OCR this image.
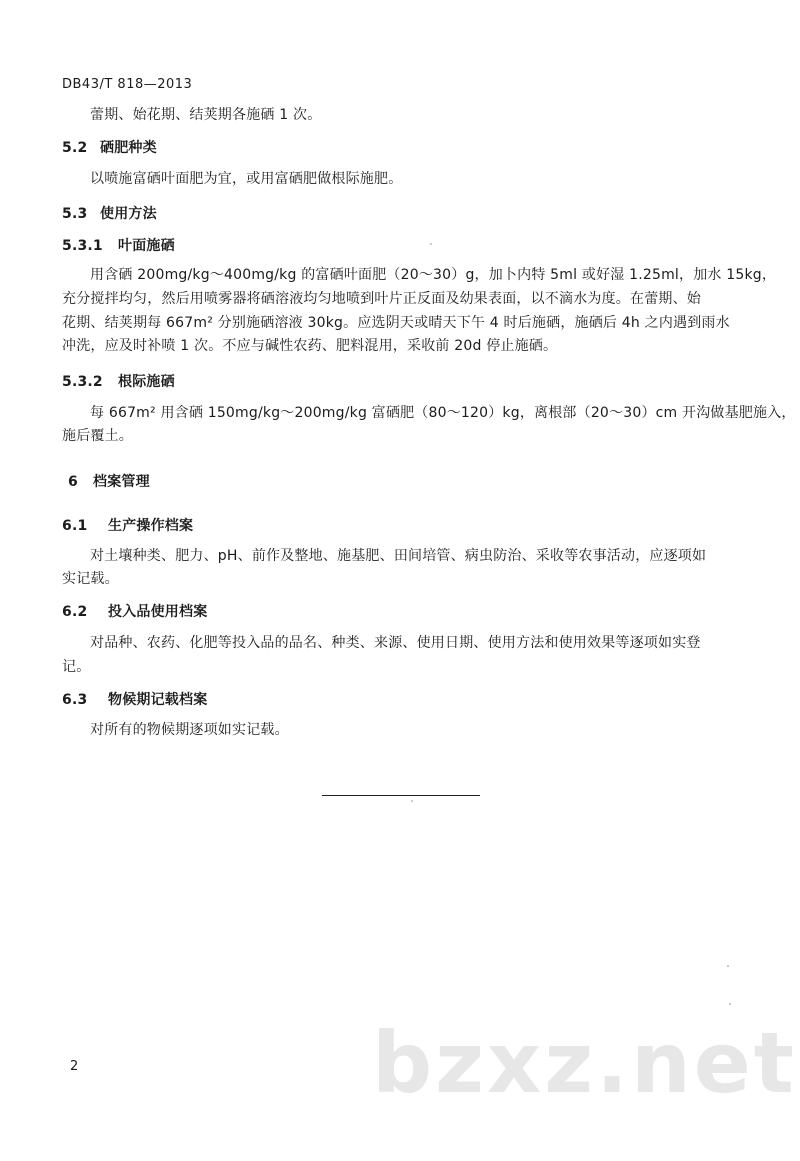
DB43/T 818—2013
蕾期、始花期、结荚期各施硒 1 次。
5.2 硒肥种类
以喷施富硒叶面肥为宜，或用富硒肥做根际施肥。
5.3 使用方法
5.3.1 叶面施硒
用含硒 200mg/kg～400mg/kg 的富硒叶面肥（20～30）g，加卜内特 5ml 或好湿 1.25ml，加水 15kg，
充分搅拌均匀，然后用喷雾器将硒溶液均匀地喷到叶片正反面及幼果表面，以不滴水为度。在蕾期、始
花期、结荚期每 667m² 分别施硒溶液 30kg。应选阴天或晴天下午 4 时后施硒，施硒后 4h 之内遇到雨水
冲洗，应及时补喷 1 次。不应与碱性农药、肥料混用，采收前 20d 停止施硒。
5.3.2 根际施硒
每 667m² 用含硒 150mg/kg～200mg/kg 富硒肥（80～120）kg，离根部（20～30）cm 开沟做基肥施入，
施后覆土。
6 档案管理
6.1 生产操作档案
对土壤种类、肥力、pH、前作及整地、施基肥、田间培管、病虫防治、采收等农事活动，应逐项如
实记载。
6.2 投入品使用档案
对品种、农药、化肥等投入品的品名、种类、来源、使用日期、使用方法和使用效果等逐项如实登
记。
6.3 物候期记载档案
对所有的物候期逐项如实记载。
2	bzxz.net
